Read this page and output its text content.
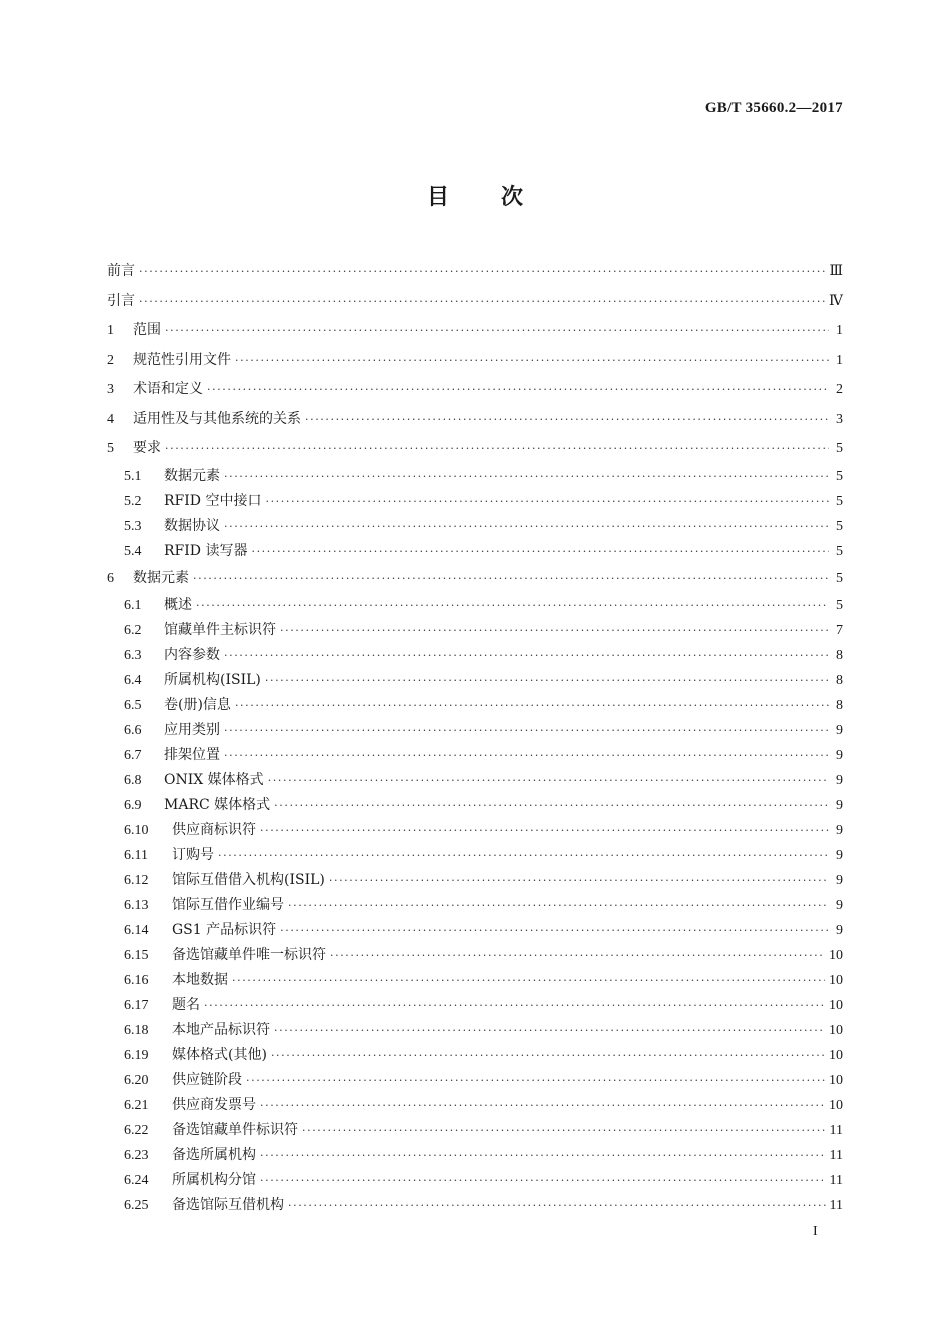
GB/T 35660.2—2017
目 次
前言 ·····	Ⅲ
引言 ·····	Ⅳ
1	范围 ·····	1
2	规范性引用文件 ·····	1
3	术语和定义 ·····	2
4	适用性及与其他系统的关系 ·····	3
5	要求 ·····	5
5.1	数据元素 ·····	5
5.2	RFID 空中接口 ·····	5
5.3	数据协议 ·····	5
5.4	RFID 读写器 ·····	5
6	数据元素 ·····	5
6.1	概述 ·····	5
6.2	馆藏单件主标识符 ·····	7
6.3	内容参数 ·····	8
6.4	所属机构(ISIL) ·····	8
6.5	卷(册)信息 ·····	8
6.6	应用类别 ·····	9
6.7	排架位置 ·····	9
6.8	ONIX 媒体格式 ·····	9
6.9	MARC 媒体格式 ·····	9
6.10	供应商标识符 ·····	9
6.11	订购号 ·····	9
6.12	馆际互借借入机构(ISIL) ·····	9
6.13	馆际互借作业编号 ·····	9
6.14	GS1 产品标识符 ·····	9
6.15	备选馆藏单件唯一标识符 ·····	10
6.16	本地数据 ·····	10
6.17	题名 ·····	10
6.18	本地产品标识符 ·····	10
6.19	媒体格式(其他) ·····	10
6.20	供应链阶段 ·····	10
6.21	供应商发票号 ·····	10
6.22	备选馆藏单件标识符 ·····	11
6.23	备选所属机构 ·····	11
6.24	所属机构分馆 ·····	11
6.25	备选馆际互借机构 ·····	11
I
